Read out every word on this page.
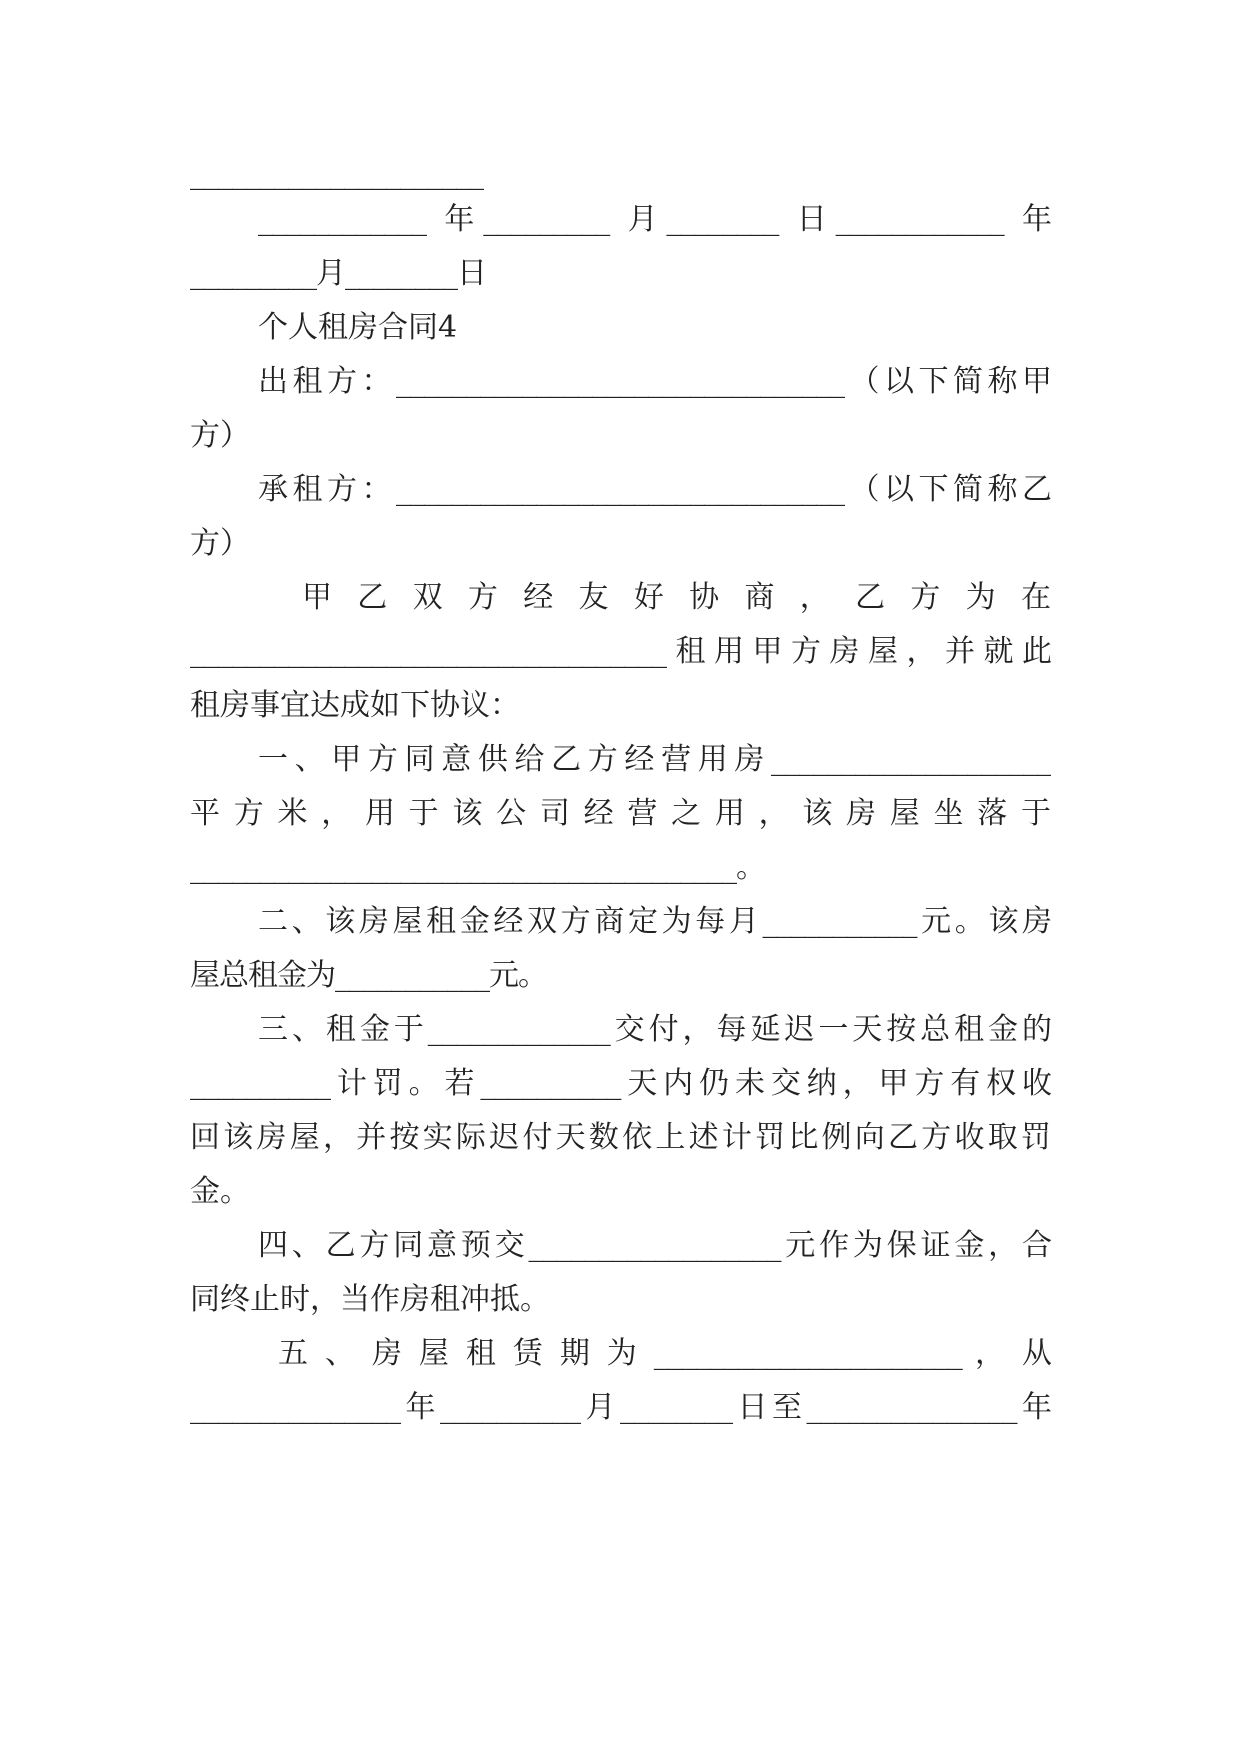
_____________________
____________ 年_________ 月________ 日____________ 年
_________月________日
个人租房合同4
出租方：________________________________（以下简称甲
方）
承租方：________________________________（以下简称乙
方）
甲 乙 双 方 经 友 好 协 商 ， 乙 方 为 在
__________________________________租用甲方房屋，并就此
租房事宜达成如下协议：
一、甲方同意供给乙方经营用房____________________
平 方 米 ， 用 于 该 公 司 经 营 之 用 ， 该 房 屋 坐 落 于
_______________________________________。
二、该房屋租金经双方商定为每月___________元。该房
屋总租金为___________元。
三、租金于_____________交付，每延迟一天按总租金的
__________计罚。若__________天内仍未交纳，甲方有权收
回该房屋，并按实际迟付天数依上述计罚比例向乙方收取罚
金。
四、乙方同意预交__________________元作为保证金，合
同终止时，当作房租冲抵。
五 、 房 屋 租 赁 期 为 ______________________ ， 从
_______________年__________月________日至_______________年
